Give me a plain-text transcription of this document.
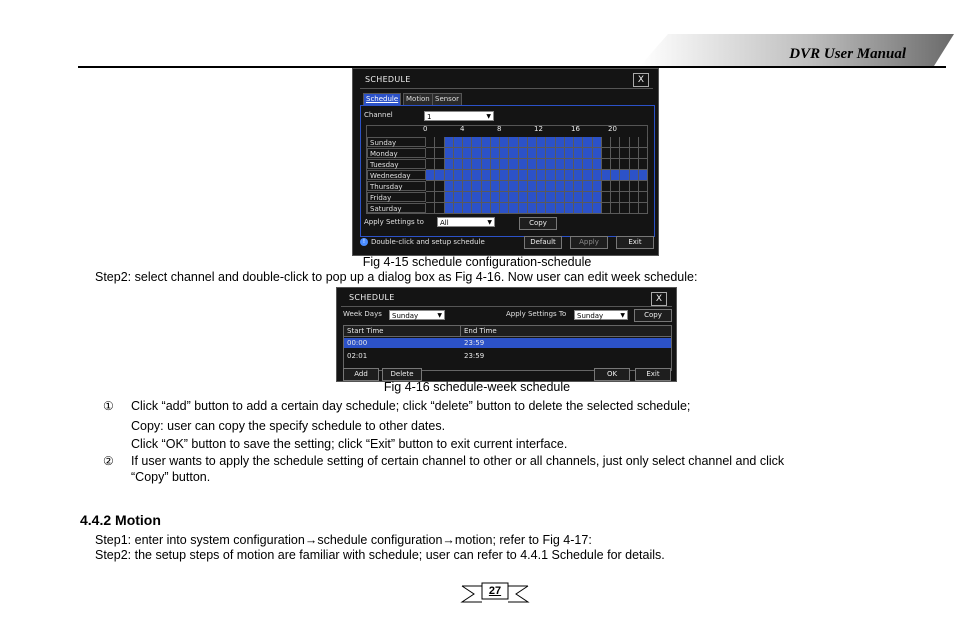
DVR User Manual
SCHEDULE	X
Schedule	Motion Sensor
Channel	1	▼
0	4	8	12	16	20
Sunday
Monday
Tuesday
Wednesday
Thursday
Friday
Saturday
Apply Settings to	All	▼	Copy
! Double-click and setup schedule	Default	Apply	Exit
Fig 4-15 schedule configuration-schedule
Step2: select channel and double-click to pop up a dialog box as Fig 4-16. Now user can edit week schedule:
SCHEDULE	X
Week Days	Sunday	▼	Apply Settings To	Sunday	▼	Copy
Start Time	End Time
00:00	23:59
02:01	23:59
Add	Delete	OK	Exit
Fig 4-16 schedule-week schedule
① Click “add” button to add a certain day schedule; click “delete” button to delete the selected schedule;
Copy: user can copy the specify schedule to other dates.
Click “OK” button to save the setting; click “Exit” button to exit current interface.
② If user wants to apply the schedule setting of certain channel to other or all channels, just only select channel and click
“Copy” button.
4.4.2 Motion
Step1: enter into system configuration→schedule configuration→motion; refer to Fig 4-17:
Step2: the setup steps of motion are familiar with schedule; user can refer to 4.4.1 Schedule for details.
27
